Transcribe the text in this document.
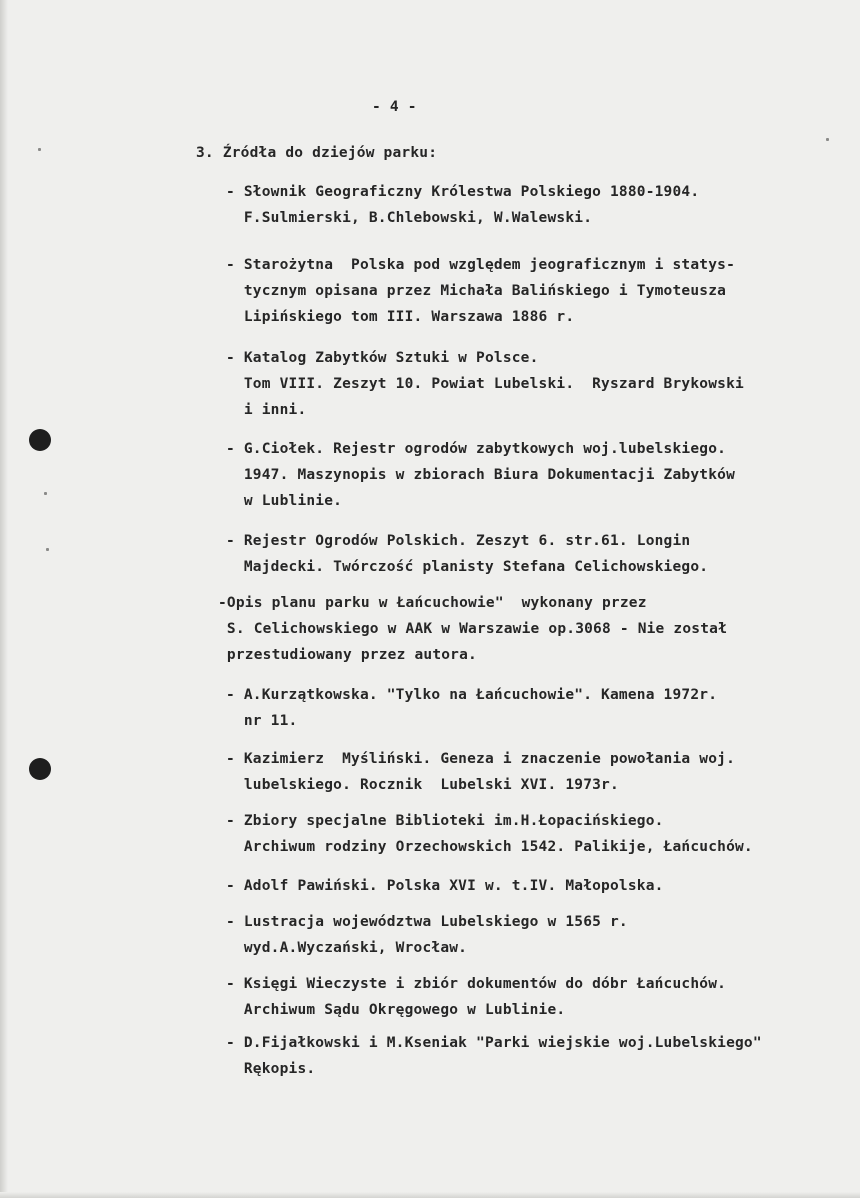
- 4 -
3. Źródła do dziejów parku:
- Słownik Geograficzny Królestwa Polskiego 1880-1904.
F.Sulmierski, B.Chlebowski, W.Walewski.
- Starożytna  Polska pod względem jeograficznym i statys-
tycznym opisana przez Michała Balińskiego i Tymoteusza
Lipińskiego tom III. Warszawa 1886 r.
- Katalog Zabytków Sztuki w Polsce.
Tom VIII. Zeszyt 10. Powiat Lubelski.  Ryszard Brykowski
i inni.
- G.Ciołek. Rejestr ogrodów zabytkowych woj.lubelskiego.
1947. Maszynopis w zbiorach Biura Dokumentacji Zabytków
w Lublinie.
- Rejestr Ogrodów Polskich. Zeszyt 6. str.61. Longin
Majdecki. Twórczość planisty Stefana Celichowskiego.
-Opis planu parku w Łańcuchowie"  wykonany przez
S. Celichowskiego w AAK w Warszawie op.3068 - Nie został
przestudiowany przez autora.
- A.Kurzątkowska. "Tylko na Łańcuchowie". Kamena 1972r.
nr 11.
- Kazimierz  Myśliński. Geneza i znaczenie powołania woj.
lubelskiego. Rocznik  Lubelski XVI. 1973r.
- Zbiory specjalne Biblioteki im.H.Łopacińskiego.
Archiwum rodziny Orzechowskich 1542. Palikije, Łańcuchów.
- Adolf Pawiński. Polska XVI w. t.IV. Małopolska.
- Lustracja województwa Lubelskiego w 1565 r.
wyd.A.Wyczański, Wrocław.
- Księgi Wieczyste i zbiór dokumentów do dóbr Łańcuchów.
Archiwum Sądu Okręgowego w Lublinie.
- D.Fijałkowski i M.Kseniak "Parki wiejskie woj.Lubelskiego"
Rękopis.
